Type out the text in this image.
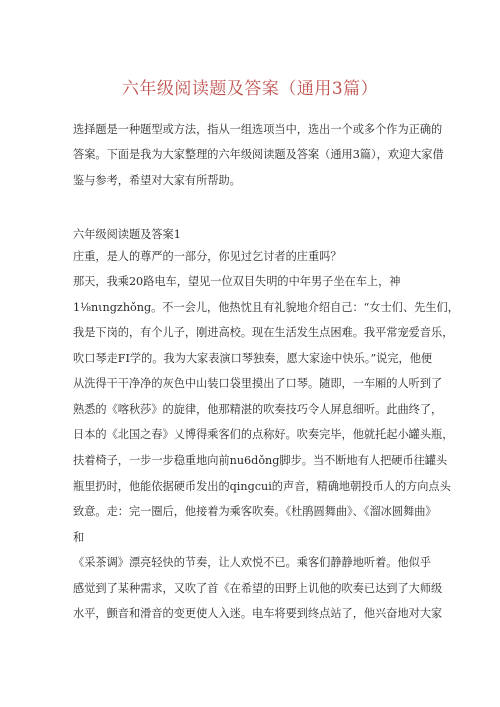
六年级阅读题及答案（通用3篇）
选择题是一种题型或方法，指从一组选项当中，选出一个或多个作为正确的
答案。下面是我为大家整理的六年级阅读题及答案（通用3篇），欢迎大家借
鉴与参考，希望对大家有所帮助。
六年级阅读题及答案1
庄重，是人的尊严的一部分，你见过乞讨者的庄重吗？
那天，我乘20路电车，望见一位双目失明的中年男子坐在车上，神
1⅛nιngzhǒng。不一会儿，他热忱且有礼貌地介绍自己：“女士们、先生们，
我是下岗的，有个儿子，刚进高校。现在生活发生点困难。我平常宠爱音乐，
吹口琴走FI学的。我为大家表演口琴独奏，愿大家途中快乐。”说完，他便
从洗得干干净净的灰色中山装口袋里摸出了口琴。随即，一车厢的人听到了
熟悉的《喀秋莎》的旋律，他那精湛的吹奏技巧令人屏息细听。此曲终了，
日本的《北国之春》乂博得乘客们的点称好。吹奏完毕，他就托起小罐头瓶，
扶着椅子，一步一步稳重地向前nu6dǒng脚步。当不断地有人把硬币往罐头
瓶里扔时，他能依据硬币发出的qingcui的声音，精确地朝投币人的方向点头
致意。走：完一圈后，他接着为乘客吹奏。《杜鹃圆舞曲》、《溜冰圆舞曲》
和
《采茶调》漂亮轻快的节奏，让人欢悦不已。乘客们静静地听着。他似乎
感觉到了某种需求，又吹了首《在希望的田野上讥他的吹奏已达到了大师级
水平，颤音和滑音的变更使人入迷。电车将要到终点站了，他兴奋地对大家
